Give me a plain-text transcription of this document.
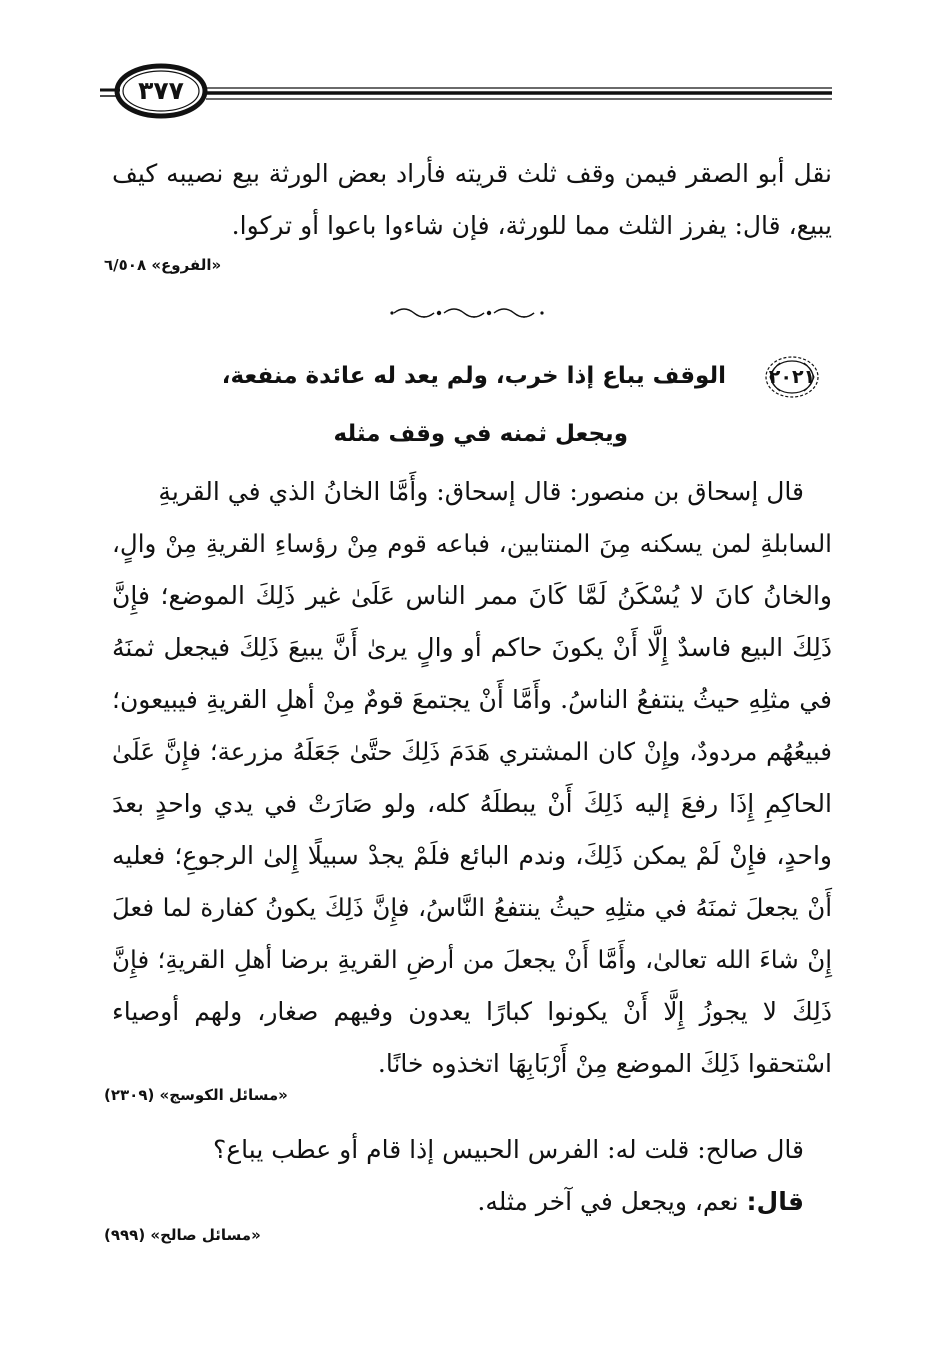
٣٧٧
نقل أبو الصقر فيمن وقف ثلث قريته فأراد بعض الورثة بيع نصيبه كيف
يبيع، قال: يفرز الثلث مما للورثة، فإن شاءوا باعوا أو تركوا.
«الفروع» ٦/٥٠٨
٢٠٢١
الوقف يباع إذا خرب، ولم يعد له عائدة منفعة،
ويجعل ثمنه في وقف مثله
قال إسحاق بن منصور: قال إسحاق: وأَمَّا الخانُ الذي في القريةِ
السابلةِ لمن يسكنه مِنَ المنتابين، فباعه قوم مِنْ رؤساءِ القريةِ مِنْ والٍ،
والخانُ كانَ لا يُسْكَنُ لَمَّا كَانَ ممر الناس عَلَىٰ غير ذَلِكَ الموضع؛ فإِنَّ
ذَلِكَ البيع فاسدٌ إِلَّا أَنْ يكونَ حاكم أو والٍ يرىٰ أَنَّ يبيعَ ذَلِكَ فيجعل ثمنَهُ
في مثلِهِ حيثُ ينتفعُ الناسُ. وأَمَّا أَنْ يجتمعَ قومٌ مِنْ أهلِ القريةِ فيبيعون؛
فبيعُهُم مردودٌ، وإِنْ كان المشتري هَدَمَ ذَلِكَ حتَّىٰ جَعَلَهُ مزرعة؛ فإِنَّ عَلَىٰ
الحاكِمِ إِذَا رفعَ إليه ذَلِكَ أَنْ يبطلَهُ كله، ولو صَارَتْ في يدي واحدٍ بعدَ
واحدٍ، فإِنْ لَمْ يمكن ذَلِكَ، وندم البائع فلَمْ يجدْ سبيلًا إِلىٰ الرجوعِ؛ فعليه
أَنْ يجعلَ ثمنَهُ في مثلِهِ حيثُ ينتفعُ النَّاسُ، فإِنَّ ذَلِكَ يكونُ كفارة لما فعلَ
إِنْ شاءَ الله تعالىٰ، وأَمَّا أَنْ يجعلَ من أرضِ القريةِ برضا أهلِ القريةِ؛ فإِنَّ
ذَلِكَ لا يجوزُ إِلَّا أَنْ يكونوا كبارًا يعدون وفيهم صغار، ولهم أوصياء
اسْتحقوا ذَلِكَ الموضع مِنْ أَرْبَابِهَا اتخذوه خانًا.
«مسائل الكوسج» (٢٣٠٩)
قال صالح: قلت له: الفرس الحبيس إذا قام أو عطب يباع؟
قال: نعم، ويجعل في آخر مثله.
«مسائل صالح» (٩٩٩)
